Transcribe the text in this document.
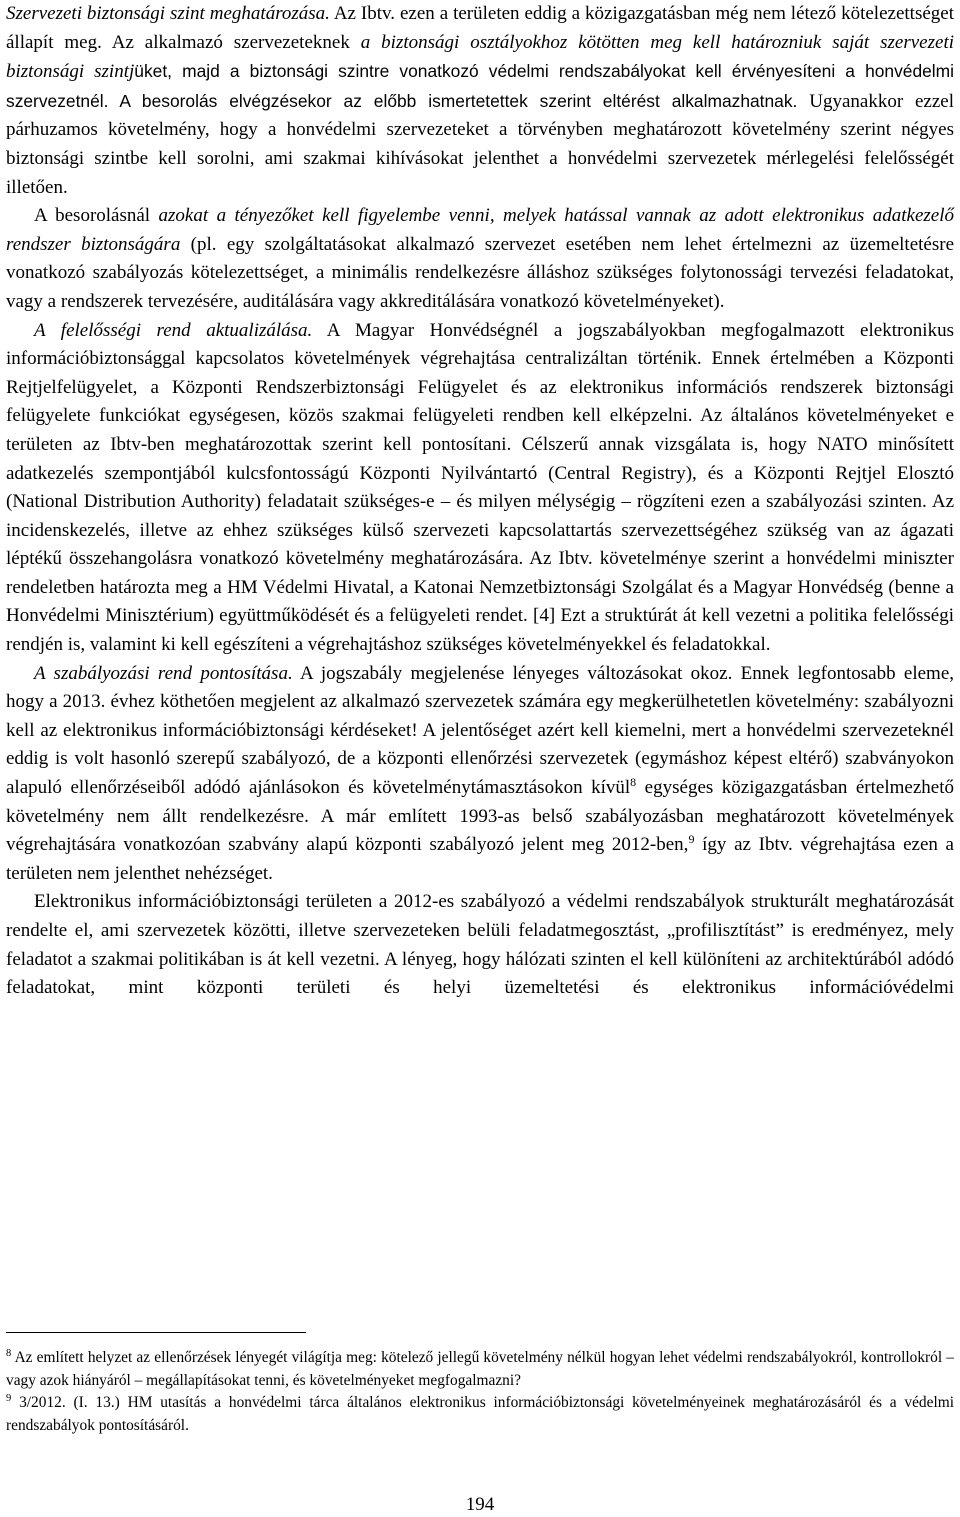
Szervezeti biztonsági szint meghatározása. Az Ibtv. ezen a területen eddig a közigazgatásban még nem létező kötelezettséget állapít meg. Az alkalmazó szervezeteknek a biztonsági osztályokhoz kötötten meg kell határozniuk saját szervezeti biztonsági szintjüket, majd a biztonsági szintre vonatkozó védelmi rendszabályokat kell érvényesíteni a honvédelmi szervezetnél. A besorolás elvégzésekor az előbb ismertetettek szerint eltérést alkalmazhatnak. Ugyanakkor ezzel párhuzamos követelmény, hogy a honvédelmi szervezeteket a törvényben meghatározott követelmény szerint négyes biztonsági szintbe kell sorolni, ami szakmai kihívásokat jelenthet a honvédelmi szervezetek mérlegelési felelősségét illetően.

A besorolásnál azokat a tényezőket kell figyelembe venni, melyek hatással vannak az adott elektronikus adatkezelő rendszer biztonságára (pl. egy szolgáltatásokat alkalmazó szervezet esetében nem lehet értelmezni az üzemeltetésre vonatkozó szabályozás kötelezettséget, a minimális rendelkezésre álláshoz szükséges folytonossági tervezési feladatokat, vagy a rendszerek tervezésére, auditálására vagy akkreditálására vonatkozó követelményeket).

A felelősségi rend aktualizálása. A Magyar Honvédségnél a jogszabályokban megfogalmazott elektronikus információbiztonsággal kapcsolatos követelmények végrehajtása centralizáltan történik. Ennek értelmében a Központi Rejtjelfelügyelet, a Központi Rendszerbiztonsági Felügyelet és az elektronikus információs rendszerek biztonsági felügyelete funkciókat egységesen, közös szakmai felügyeleti rendben kell elképzelni. Az általános követelményeket e területen az Ibtv-ben meghatározottak szerint kell pontosítani. Célszerű annak vizsgálata is, hogy NATO minősített adatkezelés szempontjából kulcsfontosságú Központi Nyilvántartó (Central Registry), és a Központi Rejtjel Elosztó (National Distribution Authority) feladatait szükséges-e – és milyen mélységig – rögzíteni ezen a szabályozási szinten. Az incidenskezelés, illetve az ehhez szükséges külső szervezeti kapcsolattartás szervezettségéhez szükség van az ágazati léptékű összehangolásra vonatkozó követelmény meghatározására. Az Ibtv. követelménye szerint a honvédelmi miniszter rendeletben határozta meg a HM Védelmi Hivatal, a Katonai Nemzetbiztonsági Szolgálat és a Magyar Honvédség (benne a Honvédelmi Minisztérium) együttműködését és a felügyeleti rendet. [4] Ezt a struktúrát át kell vezetni a politika felelősségi rendjén is, valamint ki kell egészíteni a végrehajtáshoz szükséges követelményekkel és feladatokkal.

A szabályozási rend pontosítása. A jogszabály megjelenése lényeges változásokat okoz. Ennek legfontosabb eleme, hogy a 2013. évhez köthetően megjelent az alkalmazó szervezetek számára egy megkerülhetetlen követelmény: szabályozni kell az elektronikus információbiztonsági kérdéseket! A jelentőséget azért kell kiemelni, mert a honvédelmi szervezeteknél eddig is volt hasonló szerepű szabályozó, de a központi ellenőrzési szervezetek (egymáshoz képest eltérő) szabványokon alapuló ellenőrzéseiből adódó ajánlásokon és követelménytámasztásokon kívül$^8$ egységes közigazgatásban értelmezhető követelmény nem állt rendelkezésre. A már említett 1993-as belső szabályozásban meghatározott követelmények végrehajtására vonatkozóan szabvány alapú központi szabályozó jelent meg 2012-ben,$^9$ így az Ibtv. végrehajtása ezen a területen nem jelenthet nehézséget.

Elektronikus információbiztonsági területen a 2012-es szabályozó a védelmi rendszabályok strukturált meghatározását rendelte el, ami szervezetek közötti, illetve szervezeteken belüli feladatmegosztást, „profilisztítást” is eredményez, mely feladatot a szakmai politikában is át kell vezetni. A lényeg, hogy hálózati szinten el kell különíteni az architektúrából adódó feladatokat, mint központi területi és helyi üzemeltetési és elektronikus információvédelmi

$^8$ Az említett helyzet az ellenőrzések lényegét világítja meg: kötelező jellegű követelmény nélkül hogyan lehet védelmi rendszabályokról, kontrollokról – vagy azok hiányáról – megállapításokat tenni, és követelményeket megfogalmazni?

$^9$ 3/2012. (I. 13.) HM utasítás a honvédelmi tárca általános elektronikus információbiztonsági követelményeinek meghatározásáról és a védelmi rendszabályok pontosításáról.

194
